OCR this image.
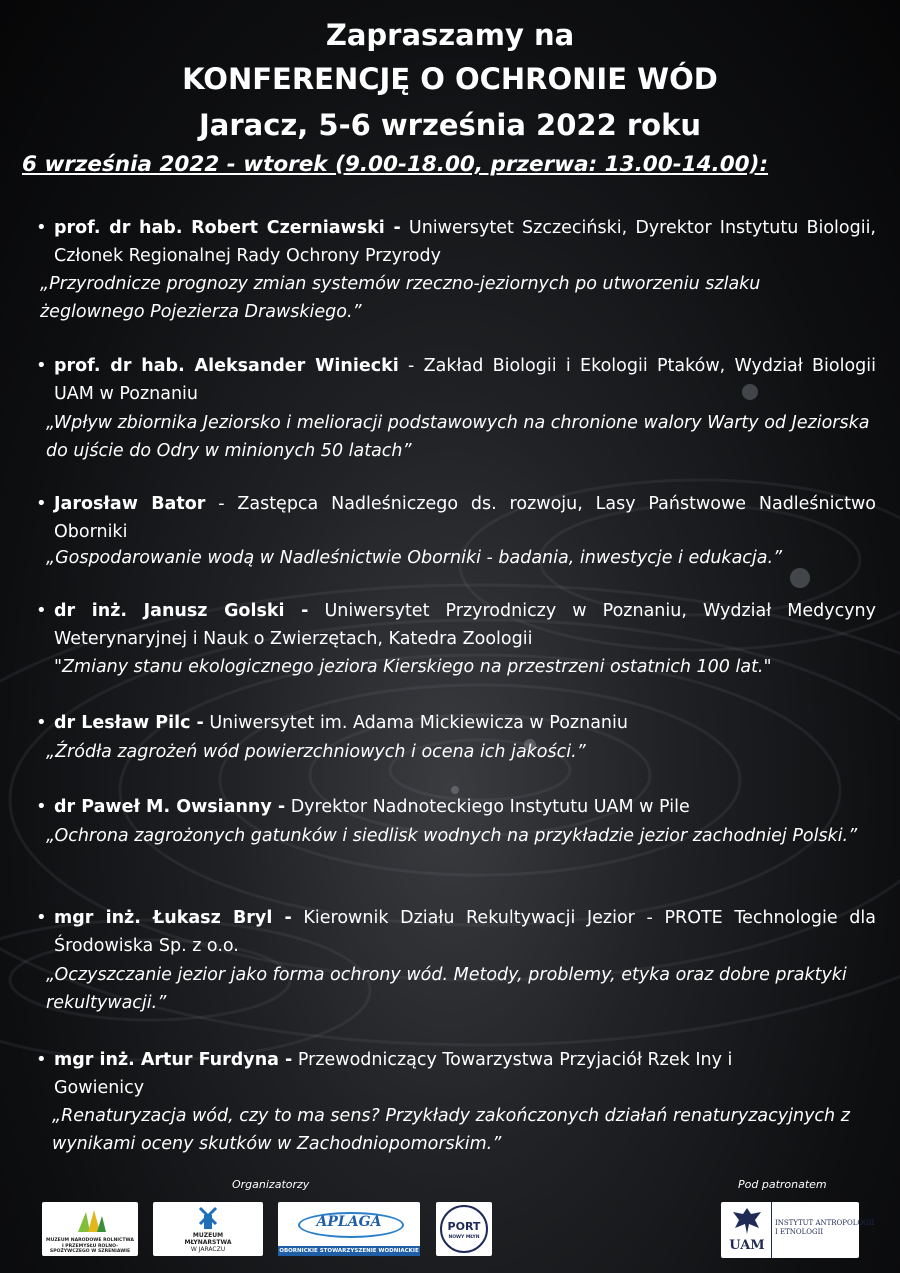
Zapraszamy na
KONFERENCJĘ O OCHRONIE WÓD
Jaracz, 5-6 września 2022 roku
6 września 2022 - wtorek (9.00-18.00, przerwa: 13.00-14.00):
• prof. dr hab. Robert Czerniawski - Uniwersytet Szczeciński, Dyrektor Instytutu Biologii, Członek Regionalnej Rady Ochrony Przyrody
„Przyrodnicze prognozy zmian systemów rzeczno-jeziornych po utworzeniu szlaku żeglownego Pojezierza Drawskiego.”
• prof. dr hab. Aleksander Winiecki - Zakład Biologii i Ekologii Ptaków, Wydział Biologii UAM w Poznaniu
„Wpływ zbiornika Jeziorsko i melioracji podstawowych na chronione walory Warty od Jeziorska do ujście do Odry w minionych 50 latach”
• Jarosław Bator - Zastępca Nadleśniczego ds. rozwoju, Lasy Państwowe Nadleśnictwo Oborniki
„Gospodarowanie wodą w Nadleśnictwie Oborniki - badania, inwestycje i edukacja.”
• dr inż. Janusz Golski - Uniwersytet Przyrodniczy w Poznaniu, Wydział Medycyny Weterynaryjnej i Nauk o Zwierzętach, Katedra Zoologii
"Zmiany stanu ekologicznego jeziora Kierskiego na przestrzeni ostatnich 100 lat."
• dr Lesław Pilc - Uniwersytet im. Adama Mickiewicza w Poznaniu
„Źródła zagrożeń wód powierzchniowych i ocena ich jakości.”
• dr Paweł M. Owsianny - Dyrektor Nadnoteckiego Instytutu UAM w Pile
„Ochrona zagrożonych gatunków i siedlisk wodnych na przykładzie jezior zachodniej Polski.”
• mgr inż. Łukasz Bryl - Kierownik Działu Rekultywacji Jezior - PROTE Technologie dla Środowiska Sp. z o.o.
„Oczyszczanie jezior jako forma ochrony wód. Metody, problemy, etyka oraz dobre praktyki rekultywacji.”
• mgr inż. Artur Furdyna - Przewodniczący Towarzystwa Przyjaciół Rzek Iny i Gowienicy
„Renaturyzacja wód, czy to ma sens? Przykłady zakończonych działań renaturyzacyjnych z wynikami oceny skutków w Zachodniopomorskim.”
Organizatorzy	Pod patronatem
MUZEUM NARODOWE ROLNICTWA I PRZEMYSŁU ROLNO-SPOŻYWCZEGO W SZRENIAWIE
MUZEUM
MŁYNARSTWA
W JARACZU
APLAGA
OBORNICKIE STOWARZYSZENIE WODNIACKIE
PORT
NOWY MŁYN
UAM
INSTYTUT ANTROPOLOGII
I ETNOLOGII
